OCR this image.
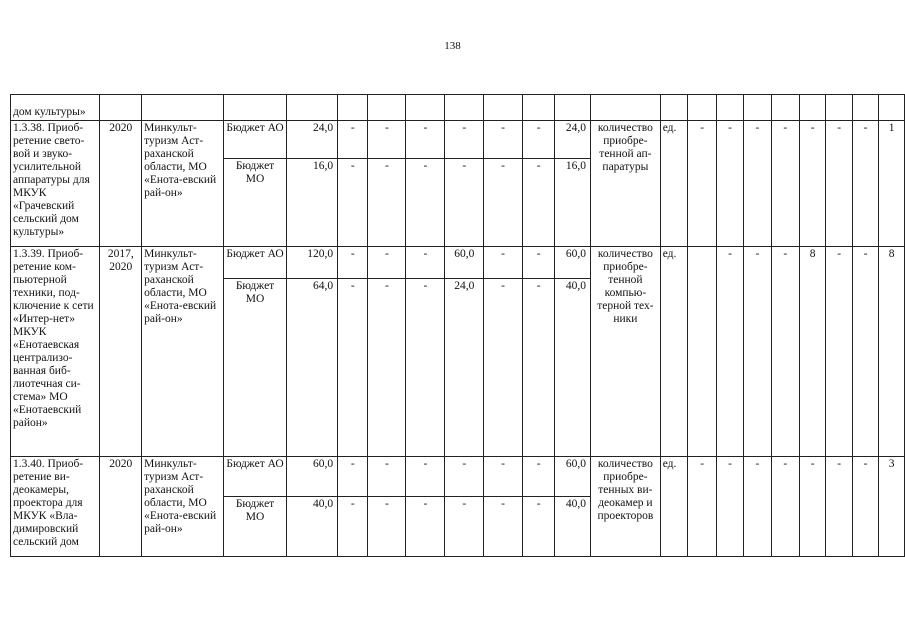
138
дом культуры»																					
1.3.38. Приоб-ретение свето-вой и звуко-усилительной аппаратуры для МКУК «Грачевский сельский дом культуры»	2020	Минкульт-туризм Аст-раханской области, МО «Енота-евский рай-он»	Бюджет АО	24,0	-	-	-	-	-	-	24,0	количество приобре-тенной ап-паратуры	ед.	-	-	-	-	-	-	-	1
			Бюджет МО	16,0	-	-	-	-	-	-	16,0										
1.3.39. Приоб-ретение ком-пьютерной техники, под-ключение к сети «Интер-нет» МКУК «Енотаевская централизо-ванная биб-лиотечная си-стема» МО «Енотаевский район»	2017, 2020	Минкульт-туризм Аст-раханской области, МО «Енота-евский рай-он»	Бюджет АО	120,0	-	-	-	60,0	-	-	60,0	количество приобре-тенной компью-терной тех-ники	ед.		-	-	-	8	-	-	8
			Бюджет МО	64,0	-	-	-	24,0	-	-	40,0										
1.3.40. Приоб-ретение ви-деокамеры, проектора для МКУК «Вла-димировский сельский дом	2020	Минкульт-туризм Аст-раханской области, МО «Енота-евский рай-он»	Бюджет АО	60,0	-	-	-	-	-	-	60,0	количество приобре-тенных ви-деокамер и проекторов	ед.	-	-	-	-	-	-	-	3
			Бюджет МО	40,0	-	-	-	-	-	-	40,0										
